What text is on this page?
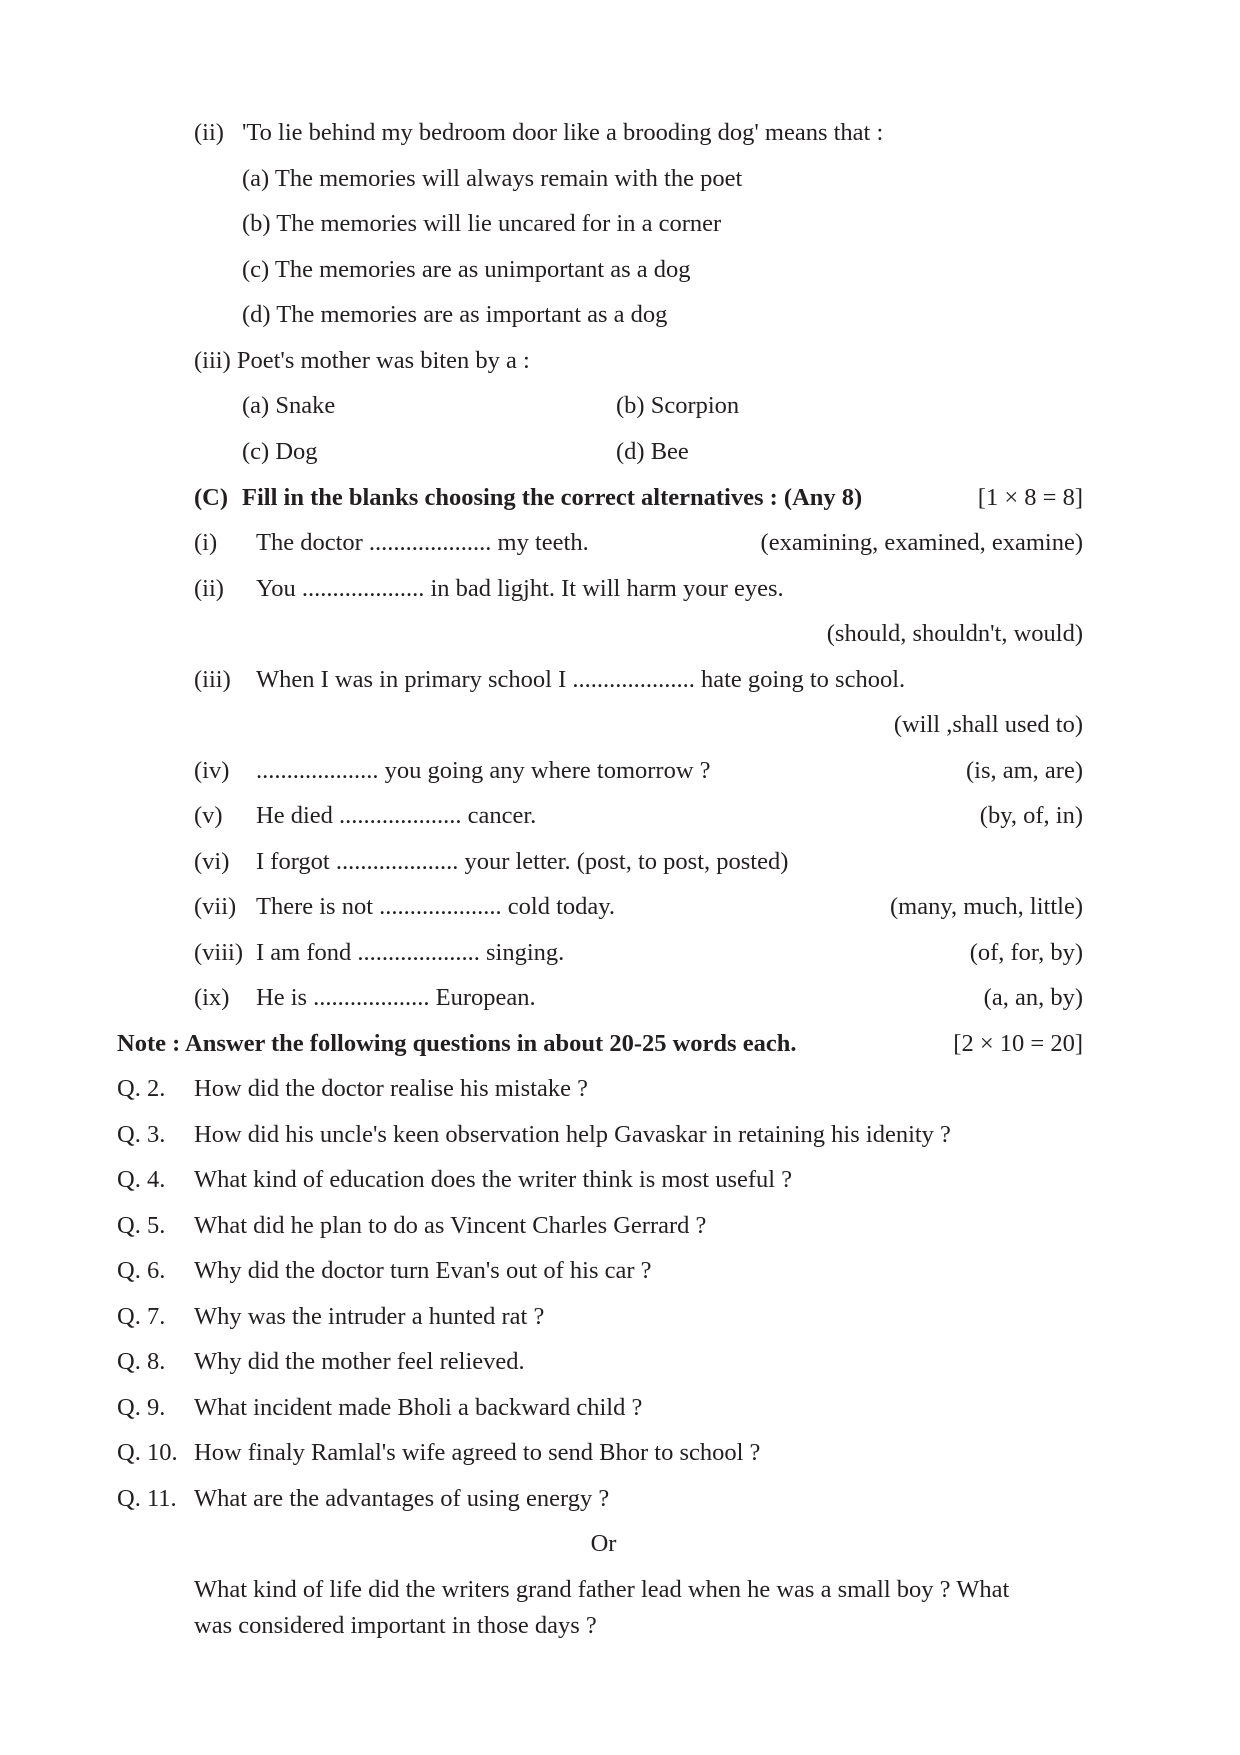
(ii) 'To lie behind my bedroom door like a brooding dog' means that :
(a) The memories will always remain with the poet
(b) The memories will lie uncared for in a corner
(c) The memories are as unimportant as a dog
(d) The memories are as important as a dog
(iii) Poet's mother was biten by a :
(a) Snake	(b) Scorpion
(c) Dog	(d) Bee
(C) Fill in the blanks choosing the correct alternatives : (Any 8)	[1 × 8 = 8]
(i) The doctor .................... my teeth.	(examining, examined, examine)
(ii) You .................... in bad ligjht. It will harm your eyes.
(should, shouldn't, would)
(iii) When I was in primary school I .................... hate going to school.
(will ,shall used to)
(iv) .................... you going any where tomorrow ?	(is, am, are)
(v) He died .................... cancer.	(by, of, in)
(vi) I forgot .................... your letter. (post, to post, posted)
(vii) There is not .................... cold today.	(many, much, little)
(viii) I am fond .................... singing.	(of, for, by)
(ix) He is ................... European.	(a, an, by)
Note : Answer the following questions in about 20-25 words each.	[2 × 10 = 20]
Q. 2. How did the doctor realise his mistake ?
Q. 3. How did his uncle's keen observation help Gavaskar in retaining his idenity ?
Q. 4. What kind of education does the writer think is most useful ?
Q. 5. What did he plan to do as Vincent Charles Gerrard ?
Q. 6. Why did the doctor turn Evan's out of his car ?
Q. 7. Why was the intruder a hunted rat ?
Q. 8. Why did the mother feel relieved.
Q. 9. What incident made Bholi a backward child ?
Q. 10. How finaly Ramlal's wife agreed to send Bhor to school ?
Q. 11. What are the advantages of using energy ?
Or
What kind of life did the writers grand father lead when he was a small boy ? What
was considered important in those days ?
